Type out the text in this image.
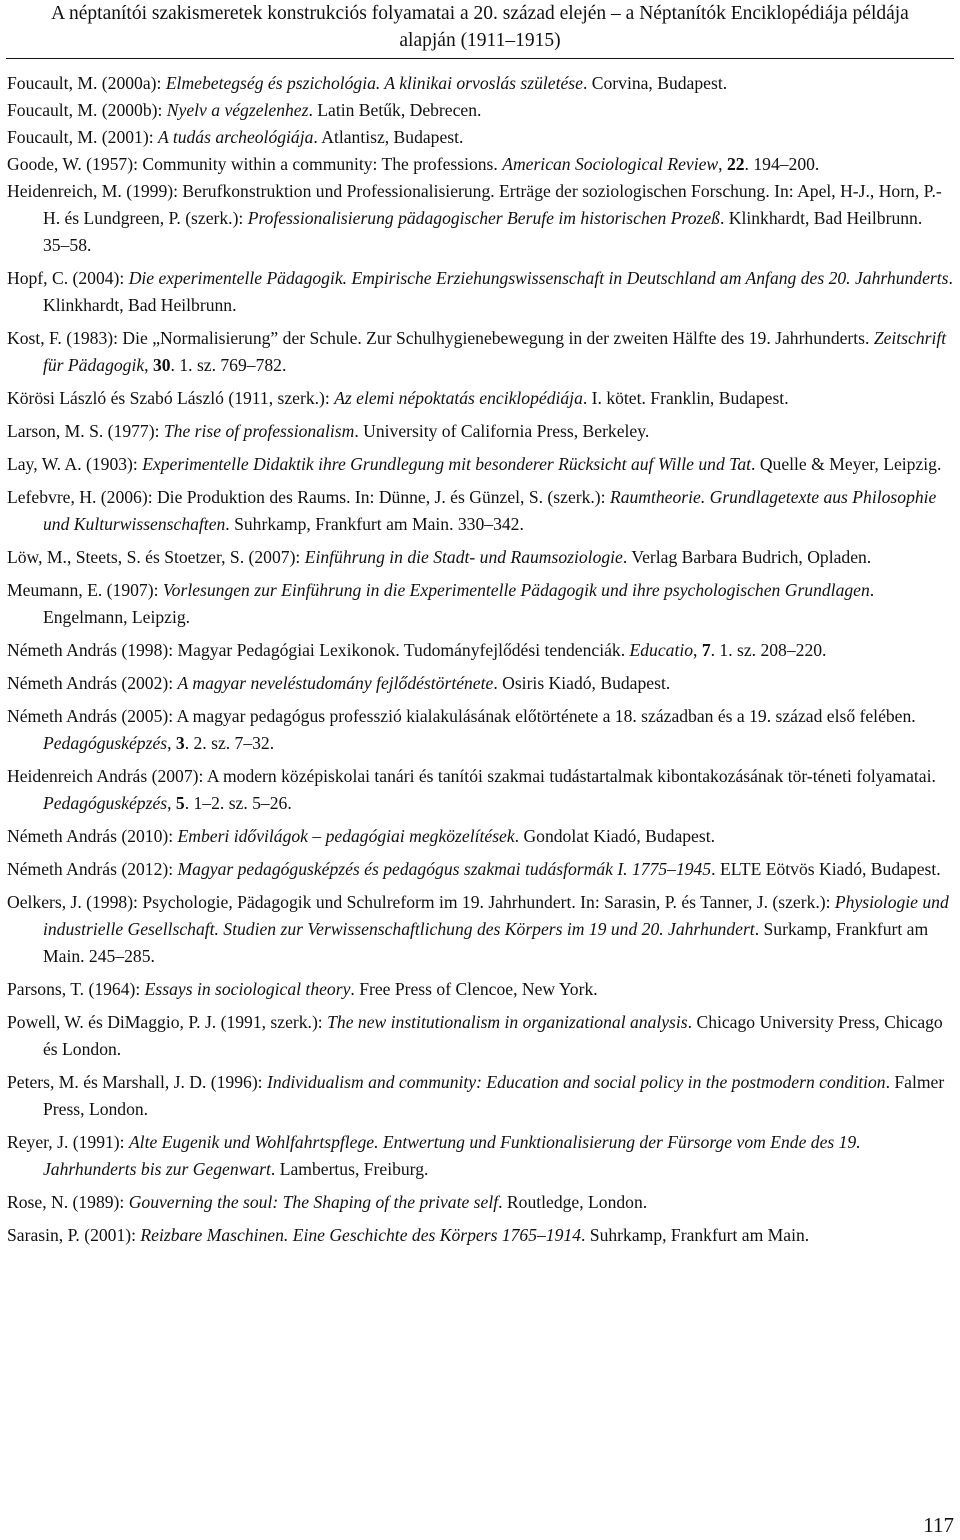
A néptanítói szakismeretek konstrukciós folyamatai a 20. század elején – a Néptanítók Enciklopédiája példája
alapján (1911–1915)

Foucault, M. (2000a): Elmebetegség és pszichológia. A klinikai orvoslás születése. Corvina, Budapest.

Foucault, M. (2000b): Nyelv a végzelenhez. Latin Betűk, Debrecen.

Foucault, M. (2001): A tudás archeológiája. Atlantisz, Budapest.

Goode, W. (1957): Community within a community: The professions. American Sociological Review, 22. 194–200.

Heidenreich, M. (1999): Berufkonstruktion und Professionalisierung. Erträge der soziologischen Forschung. In: Apel, H-J., Horn, P.-H. és Lundgreen, P. (szerk.): Professionalisierung pädagogischer Berufe im historischen Prozeß. Klinkhardt, Bad Heilbrunn. 35–58.

Hopf, C. (2004): Die experimentelle Pädagogik. Empirische Erziehungswissenschaft in Deutschland am Anfang des 20. Jahrhunderts. Klinkhardt, Bad Heilbrunn.

Kost, F. (1983): Die „Normalisierung” der Schule. Zur Schulhygienebewegung in der zweiten Hälfte des 19. Jahrhunderts. Zeitschrift für Pädagogik, 30. 1. sz. 769–782.

Körösi László és Szabó László (1911, szerk.): Az elemi népoktatás enciklopédiája. I. kötet. Franklin, Budapest.

Larson, M. S. (1977): The rise of professionalism. University of California Press, Berkeley.

Lay, W. A. (1903): Experimentelle Didaktik ihre Grundlegung mit besonderer Rücksicht auf Wille und Tat. Quelle & Meyer, Leipzig.

Lefebvre, H. (2006): Die Produktion des Raums. In: Dünne, J. és Günzel, S. (szerk.): Raumtheorie. Grundlagetexte aus Philosophie und Kulturwissenschaften. Suhrkamp, Frankfurt am Main. 330–342.

Löw, M., Steets, S. és Stoetzer, S. (2007): Einführung in die Stadt- und Raumsoziologie. Verlag Barbara Budrich, Opladen.

Meumann, E. (1907): Vorlesungen zur Einführung in die Experimentelle Pädagogik und ihre psychologischen Grundlagen. Engelmann, Leipzig.

Németh András (1998): Magyar Pedagógiai Lexikonok. Tudományfejlődési tendenciák. Educatio, 7. 1. sz. 208–220.

Németh András (2002): A magyar neveléstudomány fejlődéstörténete. Osiris Kiadó, Budapest.

Németh András (2005): A magyar pedagógus professzió kialakulásának előtörténete a 18. században és a 19. század első felében. Pedagógusképzés, 3. 2. sz. 7–32.

Heidenreich András (2007): A modern középiskolai tanári és tanítói szakmai tudástartalmak kibontakozásának tör-téneti folyamatai. Pedagógusképzés, 5. 1–2. sz. 5–26.

Németh András (2010): Emberi idővilágok – pedagógiai megközelítések. Gondolat Kiadó, Budapest.

Németh András (2012): Magyar pedagógusképzés és pedagógus szakmai tudásformák I. 1775–1945. ELTE Eötvös Kiadó, Budapest.

Oelkers, J. (1998): Psychologie, Pädagogik und Schulreform im 19. Jahrhundert. In: Sarasin, P. és Tanner, J. (szerk.): Physiologie und industrielle Gesellschaft. Studien zur Verwissenschaftlichung des Körpers im 19 und 20. Jahrhundert. Surkamp, Frankfurt am Main. 245–285.

Parsons, T. (1964): Essays in sociological theory. Free Press of Clencoe, New York.

Powell, W. és DiMaggio, P. J. (1991, szerk.): The new institutionalism in organizational analysis. Chicago University Press, Chicago és London.

Peters, M. és Marshall, J. D. (1996): Individualism and community: Education and social policy in the postmodern condition. Falmer Press, London.

Reyer, J. (1991): Alte Eugenik und Wohlfahrtspflege. Entwertung und Funktionalisierung der Fürsorge vom Ende des 19. Jahrhunderts bis zur Gegenwart. Lambertus, Freiburg.

Rose, N. (1989): Gouverning the soul: The Shaping of the private self. Routledge, London.

Sarasin, P. (2001): Reizbare Maschinen. Eine Geschichte des Körpers 1765–1914. Suhrkamp, Frankfurt am Main.

117
